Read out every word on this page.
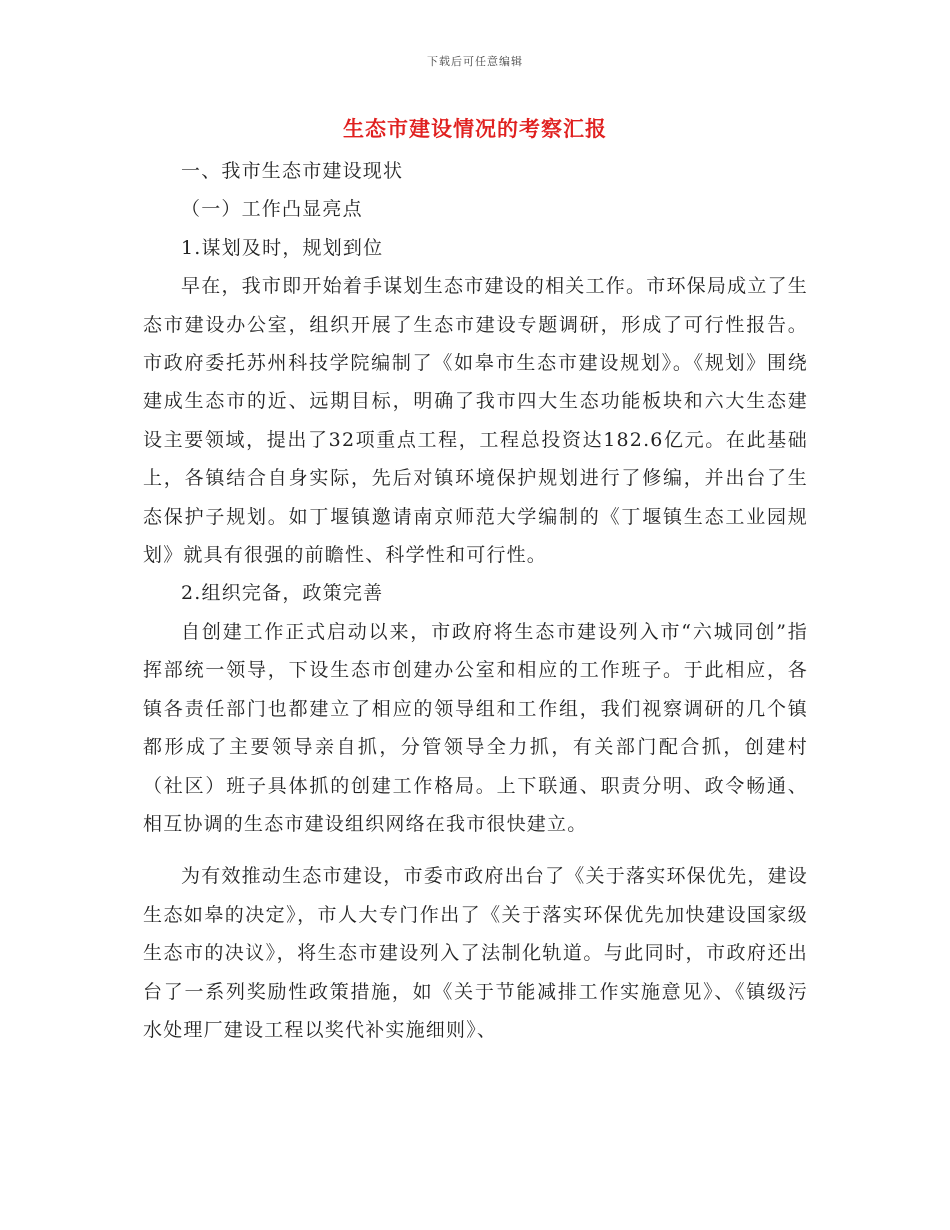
下载后可任意编辑
生态市建设情况的考察汇报

一、我市生态市建设现状

（一）工作凸显亮点

1.谋划及时，规划到位

早在，我市即开始着手谋划生态市建设的相关工作。市环保局成立了生态市建设办公室，组织开展了生态市建设专题调研，形成了可行性报告。市政府委托苏州科技学院编制了《如皋市生态市建设规划》。《规划》围绕建成生态市的近、远期目标，明确了我市四大生态功能板块和六大生态建设主要领域，提出了32项重点工程，工程总投资达182.6亿元。在此基础上，各镇结合自身实际，先后对镇环境保护规划进行了修编，并出台了生态保护子规划。如丁堰镇邀请南京师范大学编制的《丁堰镇生态工业园规划》就具有很强的前瞻性、科学性和可行性。

2.组织完备，政策完善

自创建工作正式启动以来，市政府将生态市建设列入市“六城同创”指挥部统一领导，下设生态市创建办公室和相应的工作班子。于此相应，各镇各责任部门也都建立了相应的领导组和工作组，我们视察调研的几个镇都形成了主要领导亲自抓，分管领导全力抓，有关部门配合抓，创建村（社区）班子具体抓的创建工作格局。上下联通、职责分明、政令畅通、相互协调的生态市建设组织网络在我市很快建立。

为有效推动生态市建设，市委市政府出台了《关于落实环保优先，建设生态如皋的决定》，市人大专门作出了《关于落实环保优先加快建设国家级生态市的决议》，将生态市建设列入了法制化轨道。与此同时，市政府还出台了一系列奖励性政策措施，如《关于节能减排工作实施意见》、《镇级污水处理厂建设工程以奖代补实施细则》、
